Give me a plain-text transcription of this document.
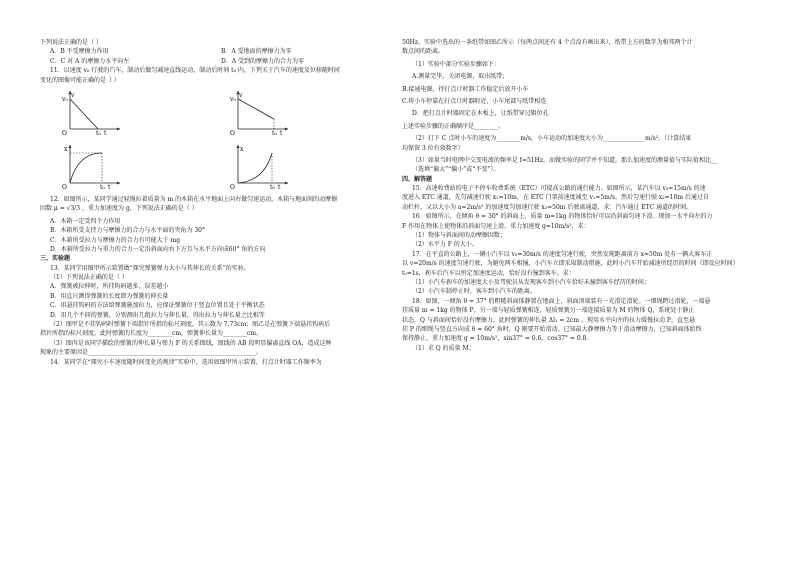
下列说法正确的是（ ）
A．B 不受摩擦力作用	B．A 受地面的摩擦力为零
C．C 对 A 的摩擦力水平向左	D．A 受到的摩擦力的合力为零
11．以速度 v₀ 行驶的汽车，制动后做匀减速直线运动，制动后时间 t₀ 内，下列关于汽车的速度及位移随时间
变化的图像可能正确的是（ ）
v
v₀
O	t₀ t
v
v₀
O	t₀ t
x
O	t₀ t
x
O	t₀ t
12．如图所示，某同学通过轻绳拉着质量为 m 的木箱在水平地面上向右做匀速运动，木箱与地面间的动摩擦
因数 μ = √3/3 ，重力加速度为 g，下列说法正确的是（ ）
A．木箱一定受四个力作用
B．木箱所受支持力与摩擦力的合力与水平面的夹角为 30°
C．木箱所受拉力与摩擦力的合力有可能大于 mg
D．木箱所受拉力与重力的合力一定沿斜面向右下方且与水平方向成60° 角的方向
三、实验题
13．某同学用图甲所示装置做“探究弹簧弹力大小与其伸长的关系”的实验。
（1）下列说法正确的是（ ）
A．弹簧被拉伸时，所挂钩码越多，误差越小
B．用直尺测得弹簧的长度即为弹簧的伸长量
C．用悬挂钩码的方法给弹簧施加拉力，应保证弹簧位于竖直位置且处于平衡状态
D．用几个不同的弹簧，分别测出几组拉力与伸长量，得出拉力与伸长量之比相等
（2）图甲是不挂钩码时弹簧下端指针所指的标尺刻度，其示数为 7.73cm；图乙是在弹簧下端悬挂钩码后
指针所指的标尺刻度，此时弹簧的长度为________cm，弹簧伸长量为________cm。
（3）图丙是该同学描绘的弹簧的伸长量与弹力 F 的关系图线，图线的 AB 段明显偏离直线 OA，造成这种
现象的主要原因是________________________________________________________。
14．某同学在“探究小车速度随时间变化的规律”实验中，选用如图甲所示装置，打点计时器工作频率为
50Hz。实验中选出的一条纸带如图乙所示（每两点间还有 4 个点没有画出来），纸带上方的数字为相邻两个计
数点间的距离。
（1）实验中部分实验步骤如下：
A.测量完毕，关闭电源，取出纸带；
B.接通电源，待打点计时器工作稳定后放开小车
C.将小车停靠在打点计时器附近，小车尾部与纸带相连
D．把打点计时器固定在木板上，让纸带穿过限位孔
上述实验步骤的正确顺序是________。
（2）打下 C 点时小车的速度为________m/s，小车运动的加速度大小为______________m/s²。（计算结果
均保留 3 位有效数字）
（3）如果当时电网中交变电流的频率是 f=51Hz，而做实验的同学并不知道，那么加速度的测量值与实际值相比__
（选填“偏大”“偏小”或“不变”）。
四、解答题
15．高速收费站的电子不停车收费系统（ETC）可提高公路的通行能力。如图所示，某汽车以 v₀=15m/s 的速
度进入 ETC 通道，先匀减速行驶 x₁=10m，在 ETC 门架前速度减至 v₁=5m/s，然后匀速行驶 x₂=10m 后通过自
动栏杆，又以大小为 a=2m/s² 的加速度匀加速行驶 x₃=50m 后驶离通道，求：汽车通过 ETC 通道的时间。
16．如图所示，在倾角 θ = 30° 的斜面上，质量 m=1kg 的物体恰好可以沿斜面匀速下滑。现加一水平向左的力
F 作用在物体上使物体沿斜面匀速上滑，重力加速度 g=10m/s²，求：
（1）物体与斜面间的动摩擦因数；
（2）水平力 F 的大小。
17．在平直的公路上，一辆小汽车以 v₀=30m/s 的速度匀速行驶，突然发现距离前方 x=50m 处有一辆大客车正
以 v=20m/s 的速度匀速行驶，为避免两车相撞，小汽车立即采取制动措施，此时小汽车开始减速所经历的时间（即反应时间）
t₀=1s，刹车后汽车以恒定加速度运动，恰好没有撞到客车。求：
（1）小汽车刹车的加速度大小及驾驶员从发现客车到小汽车恰好未撞到客车经历的时间；
（2）小汽车制停止时，客车到小汽车的距离。
18．如图，一倾角 θ = 37° 的粗糙斜面体静置在地面上，斜面顶端装有一光滑定滑轮。一细绳跨过滑轮，一端悬
挂质量 m = 1kg 的物体 P，另一端与轻质弹簧相连，轻质弹簧另一端连接质量为 M 的物体 Q，系统处于静止
状态，Q 与斜面间恰好没有摩擦力，此时弹簧的伸长量 Δl₁ = 2cm 。现用水平向左的拉力缓慢拉动 P，直至悬
挂 P 的细绳与竖直方向成 θ = 60° 角时，Q 刚要开始滑动。已知最大静摩擦力等于滑动摩擦力，已知斜面体始终
保持静止，重力加速度 g = 10m/s²，sin37° = 0.6，cos37° = 0.8。
（1）求 Q 的质量 M；
